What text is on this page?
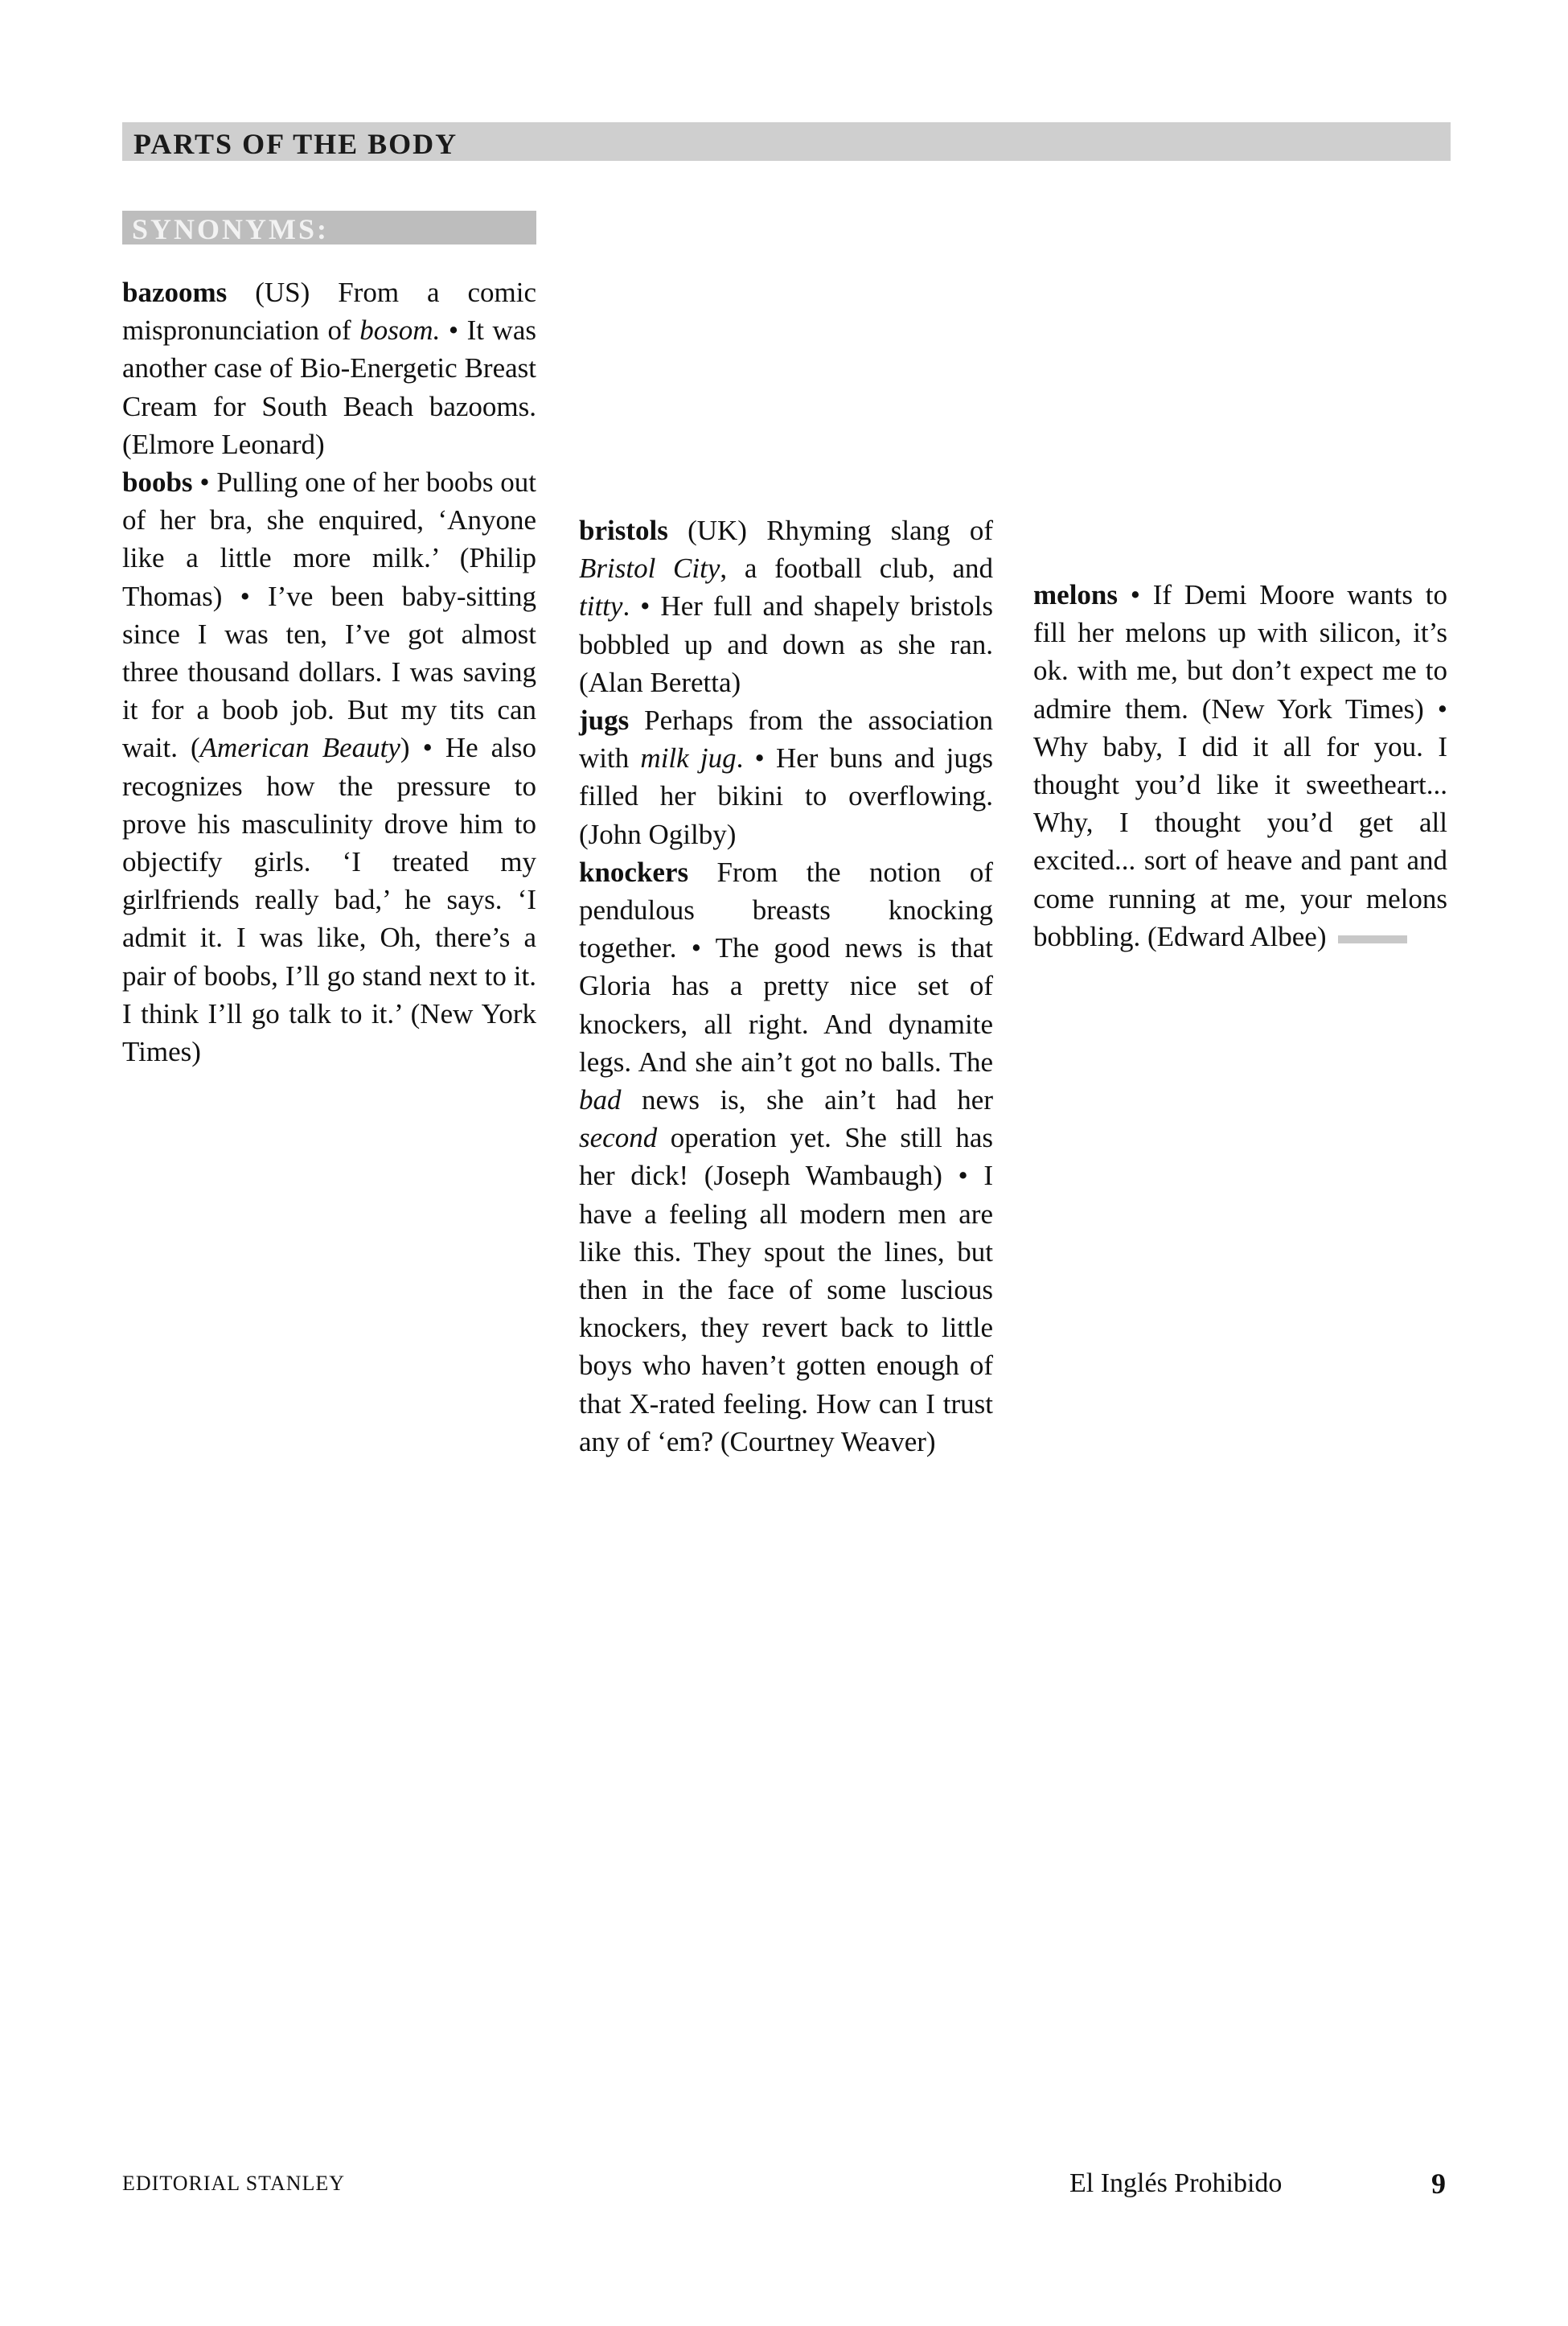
PARTS OF THE BODY
SYNONYMS:

bazooms (US) From a comic mispronunciation of bosom. • It was another case of Bio-Energetic Breast Cream for South Beach bazooms. (Elmore Leonard)

boobs • Pulling one of her boobs out of her bra, she enquired, ‘Anyone like a little more milk.’ (Philip Thomas) • I’ve been baby-sitting since I was ten, I’ve got almost three thousand dollars. I was saving it for a boob job. But my tits can wait. (American Beauty) • He also recognizes how the pressure to prove his masculinity drove him to objectify girls. ‘I treated my girlfriends really bad,’ he says. ‘I admit it. I was like, Oh, there’s a pair of boobs, I’ll go stand next to it. I think I’ll go talk to it.’ (New York Times)

bristols (UK) Rhyming slang of Bristol City, a football club, and titty. • Her full and shapely bristols bobbled up and down as she ran. (Alan Beretta)

jugs Perhaps from the association with milk jug. • Her buns and jugs filled her bikini to overflowing. (John Ogilby)

knockers From the notion of pendulous breasts knocking together. • The good news is that Gloria has a pretty nice set of knockers, all right. And dynamite legs. And she ain’t got no balls. The bad news is, she ain’t had her second operation yet. She still has her dick! (Joseph Wambaugh) • I have a feeling all modern men are like this. They spout the lines, but then in the face of some luscious knockers, they revert back to little boys who haven’t gotten enough of that X-rated feeling. How can I trust any of ‘em? (Courtney Weaver)

melons • If Demi Moore wants to fill her melons up with silicon, it’s ok. with me, but don’t expect me to admire them. (New York Times) • Why baby, I did it all for you. I thought you’d like it sweetheart... Why, I thought you’d get all excited... sort of heave and pant and come running at me, your melons bobbling. (Edward Albee)

EDITORIAL STANLEY	El Inglés Prohibido	9
